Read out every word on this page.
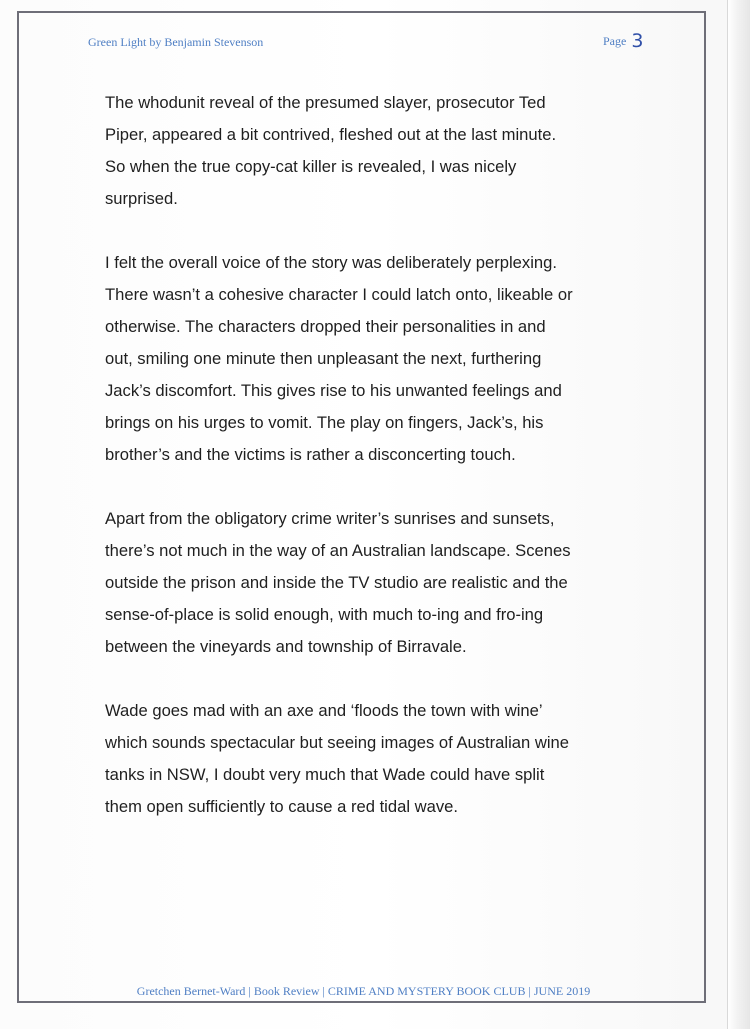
Gretchen Bernet-Ward | Book Review | CRIME AND MYSTERY BOOK CLUB | JUNE 2019
Green Light by Benjamin Stevenson	Page 3

The whodunit reveal of the presumed slayer, prosecutor Ted
Piper, appeared a bit contrived, fleshed out at the last minute.
So when the true copy-cat killer is revealed, I was nicely
surprised.

I felt the overall voice of the story was deliberately perplexing.
There wasn’t a cohesive character I could latch onto, likeable or
otherwise. The characters dropped their personalities in and
out, smiling one minute then unpleasant the next, furthering
Jack’s discomfort. This gives rise to his unwanted feelings and
brings on his urges to vomit. The play on fingers, Jack’s, his
brother’s and the victims is rather a disconcerting touch.

Apart from the obligatory crime writer’s sunrises and sunsets,
there’s not much in the way of an Australian landscape. Scenes
outside the prison and inside the TV studio are realistic and the
sense-of-place is solid enough, with much to-ing and fro-ing
between the vineyards and township of Birravale.

Wade goes mad with an axe and ‘floods the town with wine’
which sounds spectacular but seeing images of Australian wine
tanks in NSW, I doubt very much that Wade could have split
them open sufficiently to cause a red tidal wave.
